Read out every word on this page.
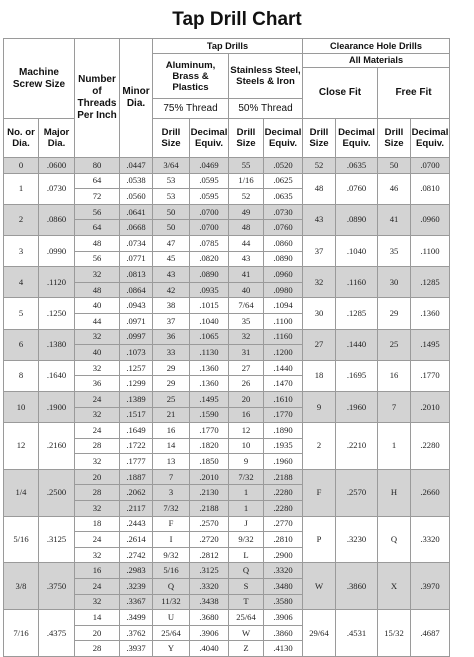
Tap Drill Chart
Machine Screw Size		Number of Threads Per Inch	Minor Dia.	Tap Drills				Clearance Hole Drills			
				Aluminum, Brass & Plastics		Stainless Steel, Steels & Iron		All Materials			
								Close Fit		Free Fit	
				75% Thread		50% Thread					
No. or Dia.	Major Dia.			Drill Size	Decimal Equiv.	Drill Size	Decimal Equiv.	Drill Size	Decimal Equiv.	Drill Size	Decimal Equiv.
0	.0600	80	.0447	3/64	.0469	55	.0520	52	.0635	50	.0700
1	.0730	64	.0538	53	.0595	1/16	.0625	48	.0760	46	.0810
		72	.0560	53	.0595	52	.0635				
2	.0860	56	.0641	50	.0700	49	.0730	43	.0890	41	.0960
		64	.0668	50	.0700	48	.0760				
3	.0990	48	.0734	47	.0785	44	.0860	37	.1040	35	.1100
		56	.0771	45	.0820	43	.0890				
4	.1120	32	.0813	43	.0890	41	.0960	32	.1160	30	.1285
		48	.0864	42	.0935	40	.0980				
5	.1250	40	.0943	38	.1015	7/64	.1094	30	.1285	29	.1360
		44	.0971	37	.1040	35	.1100				
6	.1380	32	.0997	36	.1065	32	.1160	27	.1440	25	.1495
		40	.1073	33	.1130	31	.1200				
8	.1640	32	.1257	29	.1360	27	.1440	18	.1695	16	.1770
		36	.1299	29	.1360	26	.1470				
10	.1900	24	.1389	25	.1495	20	.1610	9	.1960	7	.2010
		32	.1517	21	.1590	16	.1770				
12	.2160	24	.1649	16	.1770	12	.1890	2	.2210	1	.2280
		28	.1722	14	.1820	10	.1935				
		32	.1777	13	.1850	9	.1960				
1/4	.2500	20	.1887	7	.2010	7/32	.2188	F	.2570	H	.2660
		28	.2062	3	.2130	1	.2280				
		32	.2117	7/32	.2188	1	.2280				
5/16	.3125	18	.2443	F	.2570	J	.2770	P	.3230	Q	.3320
		24	.2614	I	.2720	9/32	.2810				
		32	.2742	9/32	.2812	L	.2900				
3/8	.3750	16	.2983	5/16	.3125	Q	.3320	W	.3860	X	.3970
		24	.3239	Q	.3320	S	.3480				
		32	.3367	11/32	.3438	T	.3580				
7/16	.4375	14	.3499	U	.3680	25/64	.3906	29/64	.4531	15/32	.4687
		20	.3762	25/64	.3906	W	.3860				
		28	.3937	Y	.4040	Z	.4130				
